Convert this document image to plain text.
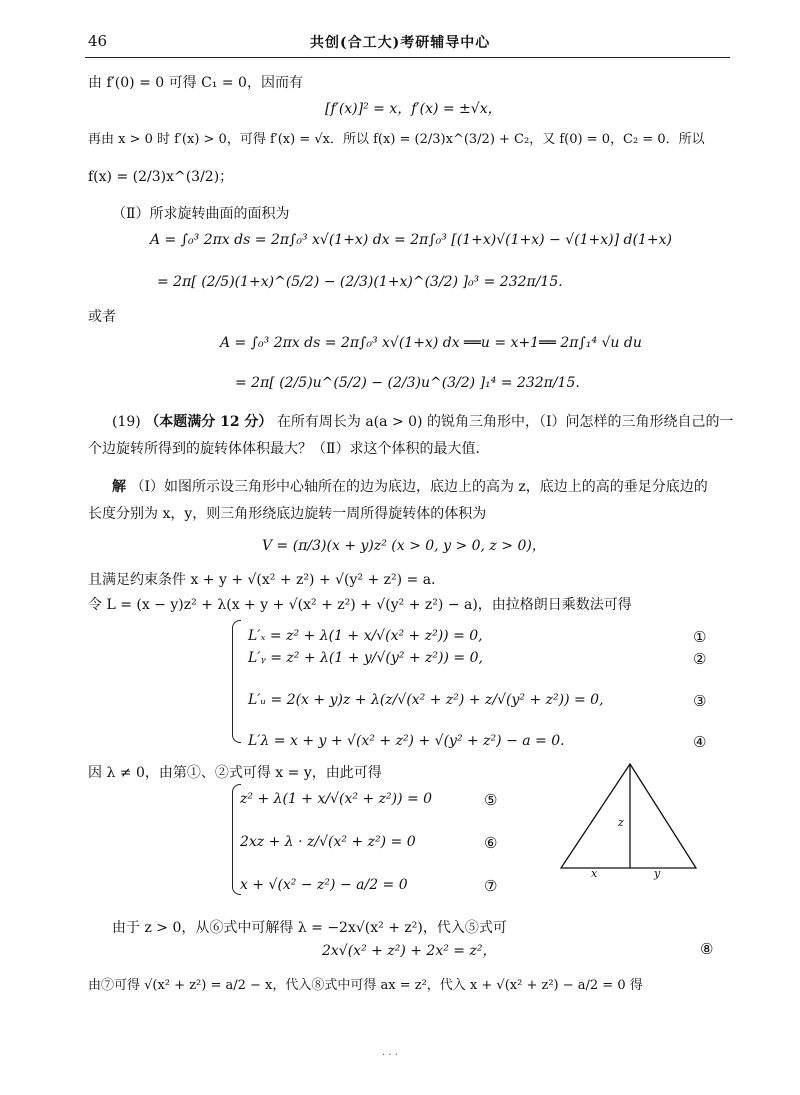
46	共创(合工大)考研辅导中心
由 f′(0) = 0 可得 C₁ = 0，因而有
[f′(x)]² = x，f′(x) = ±√x，
再由 x > 0 时 f′(x) > 0，可得 f′(x) = √x．所以 f(x) = (2/3)x^(3/2) + C₂，又 f(0) = 0，C₂ = 0．所以
f(x) = (2/3)x^(3/2)；
（Ⅱ）所求旋转曲面的面积为
A = ∫₀³ 2πx ds = 2π∫₀³ x√(1+x) dx = 2π∫₀³ [(1+x)√(1+x) − √(1+x)] d(1+x)
= 2π[ (2/5)(1+x)^(5/2) − (2/3)(1+x)^(3/2) ]₀³ = 232π/15.
或者
A = ∫₀³ 2πx ds = 2π∫₀³ x√(1+x) dx ══u = x+1══ 2π∫₁⁴ √u du
= 2π[ (2/5)u^(5/2) − (2/3)u^(3/2) ]₁⁴ = 232π/15.
(19) （本题满分 12 分） 在所有周长为 a(a > 0) 的锐角三角形中，（Ⅰ）问怎样的三角形绕自己的一
个边旋转所得到的旋转体体积最大？（Ⅱ）求这个体积的最大值．
解 （Ⅰ）如图所示设三角形中心轴所在的边为底边，底边上的高为 z，底边上的高的垂足分底边的
长度分别为 x，y，则三角形绕底边旋转一周所得旋转体的体积为
V = (π/3)(x + y)z² (x > 0, y > 0, z > 0)，
且满足约束条件 x + y + √(x² + z²) + √(y² + z²) = a．
令 L = (x − y)z² + λ(x + y + √(x² + z²) + √(y² + z²) − a)，由拉格朗日乘数法可得
L′ₓ = z² + λ(1 + x/√(x² + z²)) = 0,	①
L′ᵧ = z² + λ(1 + y/√(y² + z²)) = 0,	②
L′ᵤ = 2(x + y)z + λ(z/√(x² + z²) + z/√(y² + z²)) = 0,	③
L′λ = x + y + √(x² + z²) + √(y² + z²) − a = 0.	④
因 λ ≠ 0，由第①、②式可得 x = y，由此可得
z² + λ(1 + x/√(x² + z²)) = 0	⑤
2xz + λ · z/√(x² + z²) = 0	⑥
x + √(x² − z²) − a/2 = 0	⑦
z
x	y
由于 z > 0，从⑥式中可解得 λ = −2x√(x² + z²)，代入⑤式可
2x√(x² + z²) + 2x² = z²，	⑧
由⑦可得 √(x² + z²) = a/2 − x，代入⑧式中可得 ax = z²，代入 x + √(x² + z²) − a/2 = 0 得
· · ·
